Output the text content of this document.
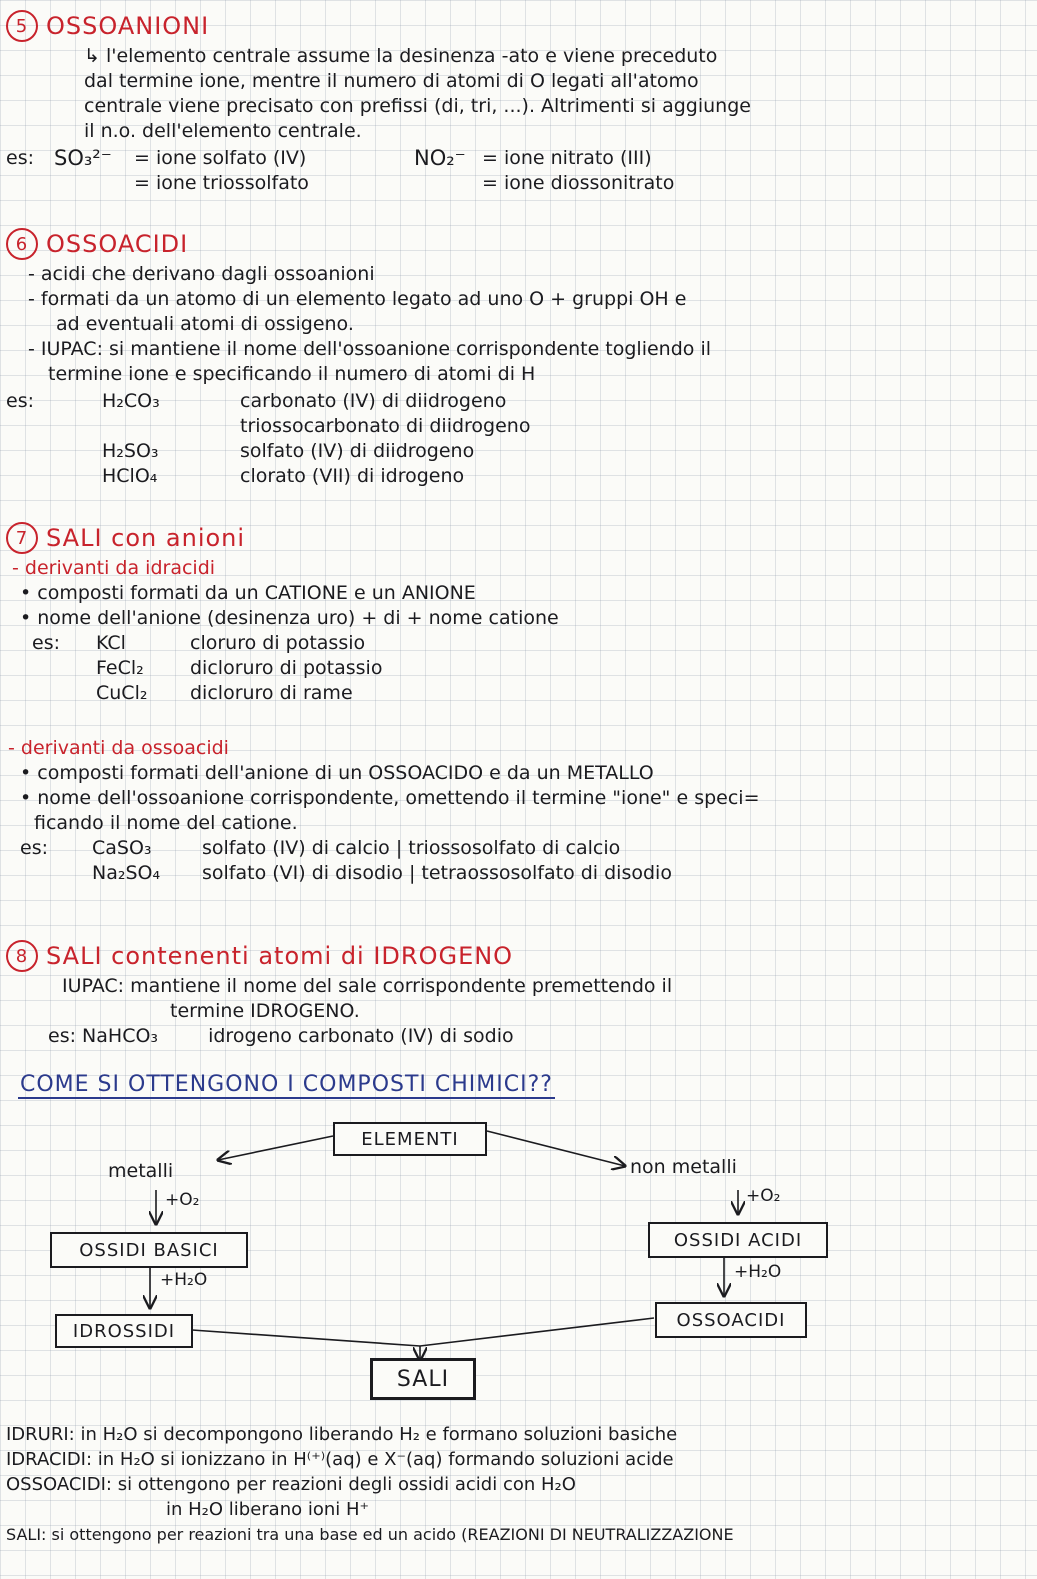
5 OSSOANIONI
↳ l'elemento centrale assume la desinenza -ato e viene preceduto
dal termine ione, mentre il numero di atomi di O legati all'atomo
centrale viene precisato con prefissi (di, tri, ...). Altrimenti si aggiunge
il n.o. dell'elemento centrale.
es: SO₃²⁻	= ione solfato (IV)
= ione triossolfato
NO₂⁻ = ione nitrato (III)
= ione diossonitrato
6 OSSOACIDI
- acidi che derivano dagli ossoanioni
- formati da un atomo di un elemento legato ad uno O + gruppi OH e
ad eventuali atomi di ossigeno.
- IUPAC: si mantiene il nome dell'ossoanione corrispondente togliendo il
termine ione e specificando il numero di atomi di H
es:	H₂CO₃	carbonato (IV) di diidrogeno
triossocarbonato di diidrogeno
H₂SO₃	solfato (IV) di diidrogeno
HClO₄	clorato (VII) di idrogeno
7 SALI con anioni
- derivanti da idracidi
• composti formati da un CATIONE e un ANIONE
• nome dell'anione (desinenza uro) + di + nome catione
es:	KCl	cloruro di potassio
FeCl₂ dicloruro di potassio
CuCl₂ dicloruro di rame
- derivanti da ossoacidi
• composti formati dell'anione di un OSSOACIDO e da un METALLO
• nome dell'ossoanione corrispondente, omettendo il termine "ione" e speci=
ficando il nome del catione.
es:	CaSO₃	solfato (IV) di calcio | triossosolfato di calcio
Na₂SO₄ solfato (VI) di disodio | tetraossosolfato di disodio
8 SALI contenenti atomi di IDROGENO
IUPAC: mantiene il nome del sale corrispondente premettendo il
termine IDROGENO.
es: NaHCO₃	idrogeno carbonato (IV) di sodio
COME SI OTTENGONO I COMPOSTI CHIMICI??
ELEMENTI
metalli	non metalli
+O₂	+O₂
OSSIDI BASICI	OSSIDI ACIDI
+H₂O	+H₂O
IDROSSIDI
OSSOACIDI
SALI
IDRURI: in H₂O si decompongono liberando H₂ e formano soluzioni basiche
IDRACIDI: in H₂O si ionizzano in H⁽⁺⁾(aq) e X⁻(aq) formando soluzioni acide
OSSOACIDI: si ottengono per reazioni degli ossidi acidi con H₂O
in H₂O liberano ioni H⁺
SALI: si ottengono per reazioni tra una base ed un acido (REAZIONI DI NEUTRALIZZAZIONE
